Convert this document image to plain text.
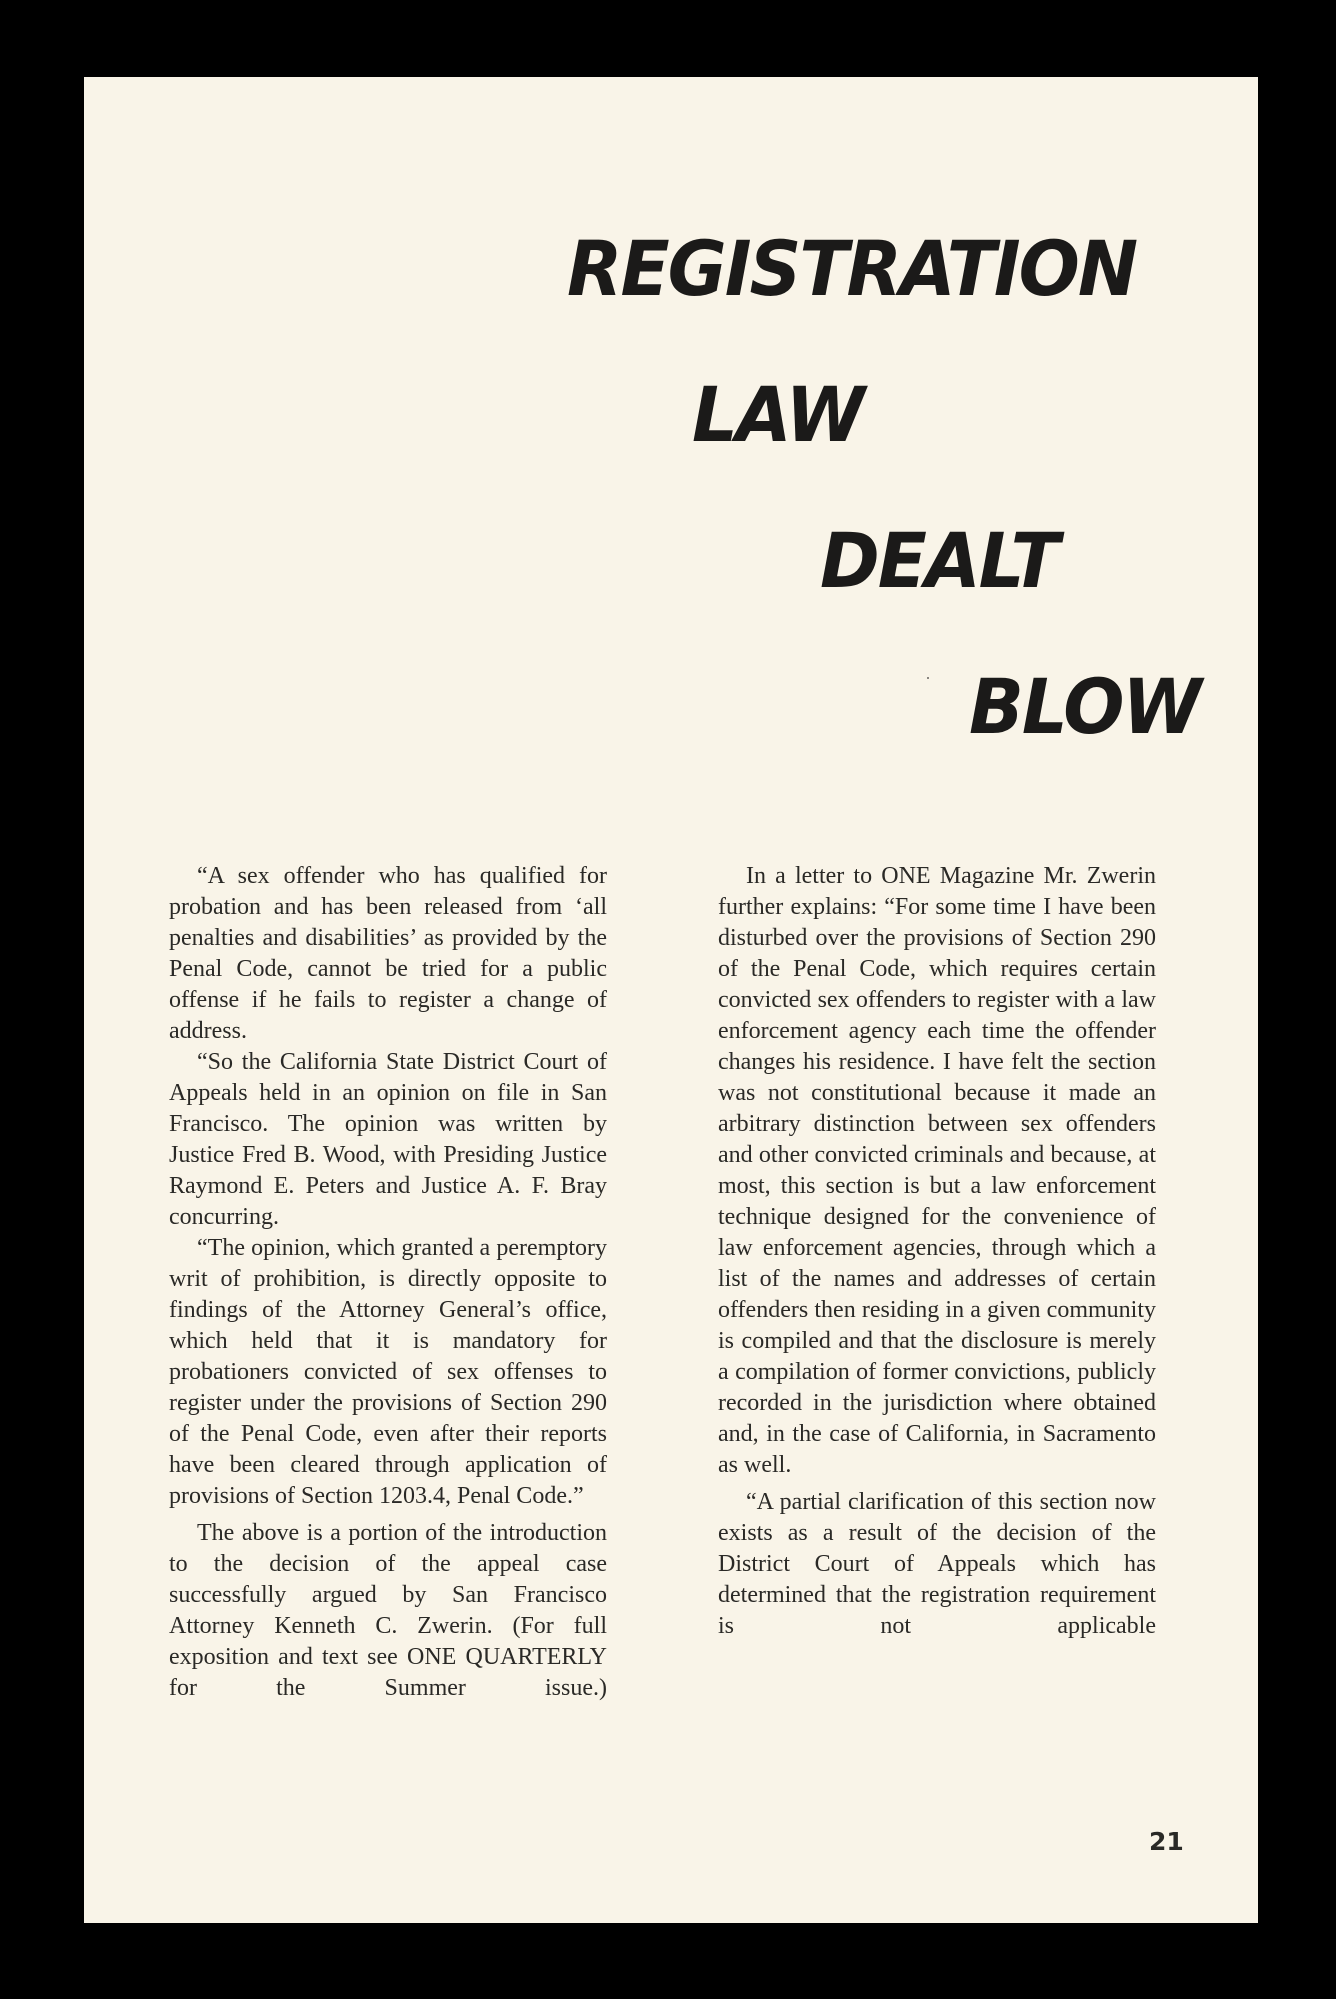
REGISTRATION
LAW
DEALT
BLOW

“A sex offender who has qualified for probation and has been released from ‘all penalties and disabilities’ as provided by the Penal Code, cannot be tried for a public offense if he fails to register a change of address.

“So the California State District Court of Appeals held in an opinion on file in San Francisco. The opinion was written by Justice Fred B. Wood, with Presiding Justice Raymond E. Peters and Justice A. F. Bray concurring.

“The opinion, which granted a peremptory writ of prohibition, is directly opposite to findings of the Attorney General’s office, which held that it is mandatory for probationers convicted of sex offenses to register under the provisions of Section 290 of the Penal Code, even after their reports have been cleared through application of provisions of Section 1203.4, Penal Code.”

The above is a portion of the introduction to the decision of the appeal case successfully argued by San Francisco Attorney Kenneth C. Zwerin. (For full exposition and text see ONE QUARTERLY for the Summer issue.)

In a letter to ONE Magazine Mr. Zwerin further explains: “For some time I have been disturbed over the provisions of Section 290 of the Penal Code, which requires certain convicted sex offenders to register with a law enforcement agency each time the offender changes his residence. I have felt the section was not constitutional because it made an arbitrary distinction between sex offenders and other convicted criminals and because, at most, this section is but a law enforcement technique designed for the convenience of law enforcement agencies, through which a list of the names and addresses of certain offenders then residing in a given community is compiled and that the disclosure is merely a compilation of former convictions, publicly recorded in the jurisdiction where obtained and, in the case of California, in Sacramento as well.

“A partial clarification of this section now exists as a result of the decision of the District Court of Appeals which has determined that the registration requirement is not applicable

21
